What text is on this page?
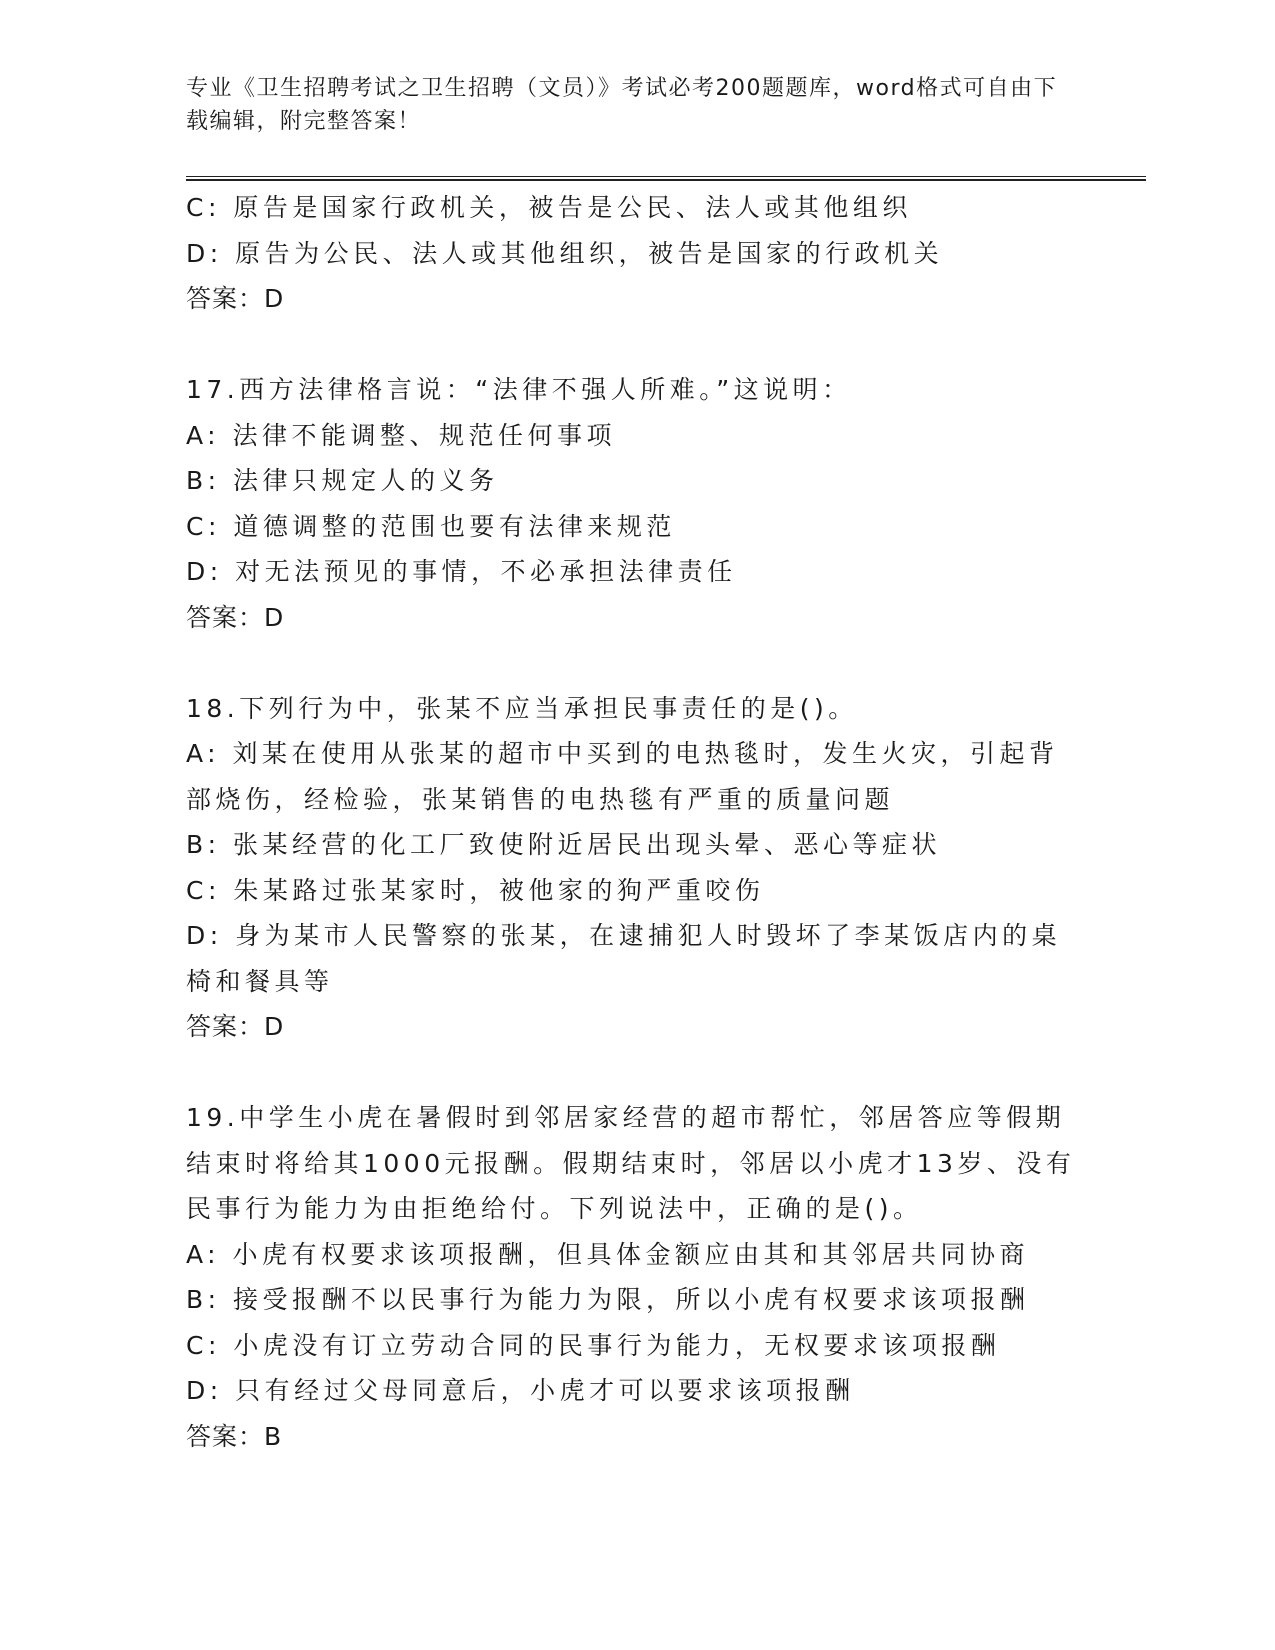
专业《卫生招聘考试之卫生招聘（文员）》考试必考200题题库，word格式可自由下载编辑，附完整答案！
C: 原告是国家行政机关，被告是公民、法人或其他组织
D: 原告为公民、法人或其他组织，被告是国家的行政机关
答案：D
17.西方法律格言说：“法律不强人所难。”这说明：
A: 法律不能调整、规范任何事项
B: 法律只规定人的义务
C: 道德调整的范围也要有法律来规范
D: 对无法预见的事情，不必承担法律责任
答案：D
18.下列行为中，张某不应当承担民事责任的是()。
A: 刘某在使用从张某的超市中买到的电热毯时，发生火灾，引起背部烧伤，经检验，张某销售的电热毯有严重的质量问题
B: 张某经营的化工厂致使附近居民出现头晕、恶心等症状
C: 朱某路过张某家时，被他家的狗严重咬伤
D: 身为某市人民警察的张某，在逮捕犯人时毁坏了李某饭店内的桌椅和餐具等
答案：D
19.中学生小虎在暑假时到邻居家经营的超市帮忙，邻居答应等假期结束时将给其1000元报酬。假期结束时，邻居以小虎才13岁、没有民事行为能力为由拒绝给付。下列说法中，正确的是()。
A: 小虎有权要求该项报酬，但具体金额应由其和其邻居共同协商
B: 接受报酬不以民事行为能力为限，所以小虎有权要求该项报酬
C: 小虎没有订立劳动合同的民事行为能力，无权要求该项报酬
D: 只有经过父母同意后，小虎才可以要求该项报酬
答案：B
